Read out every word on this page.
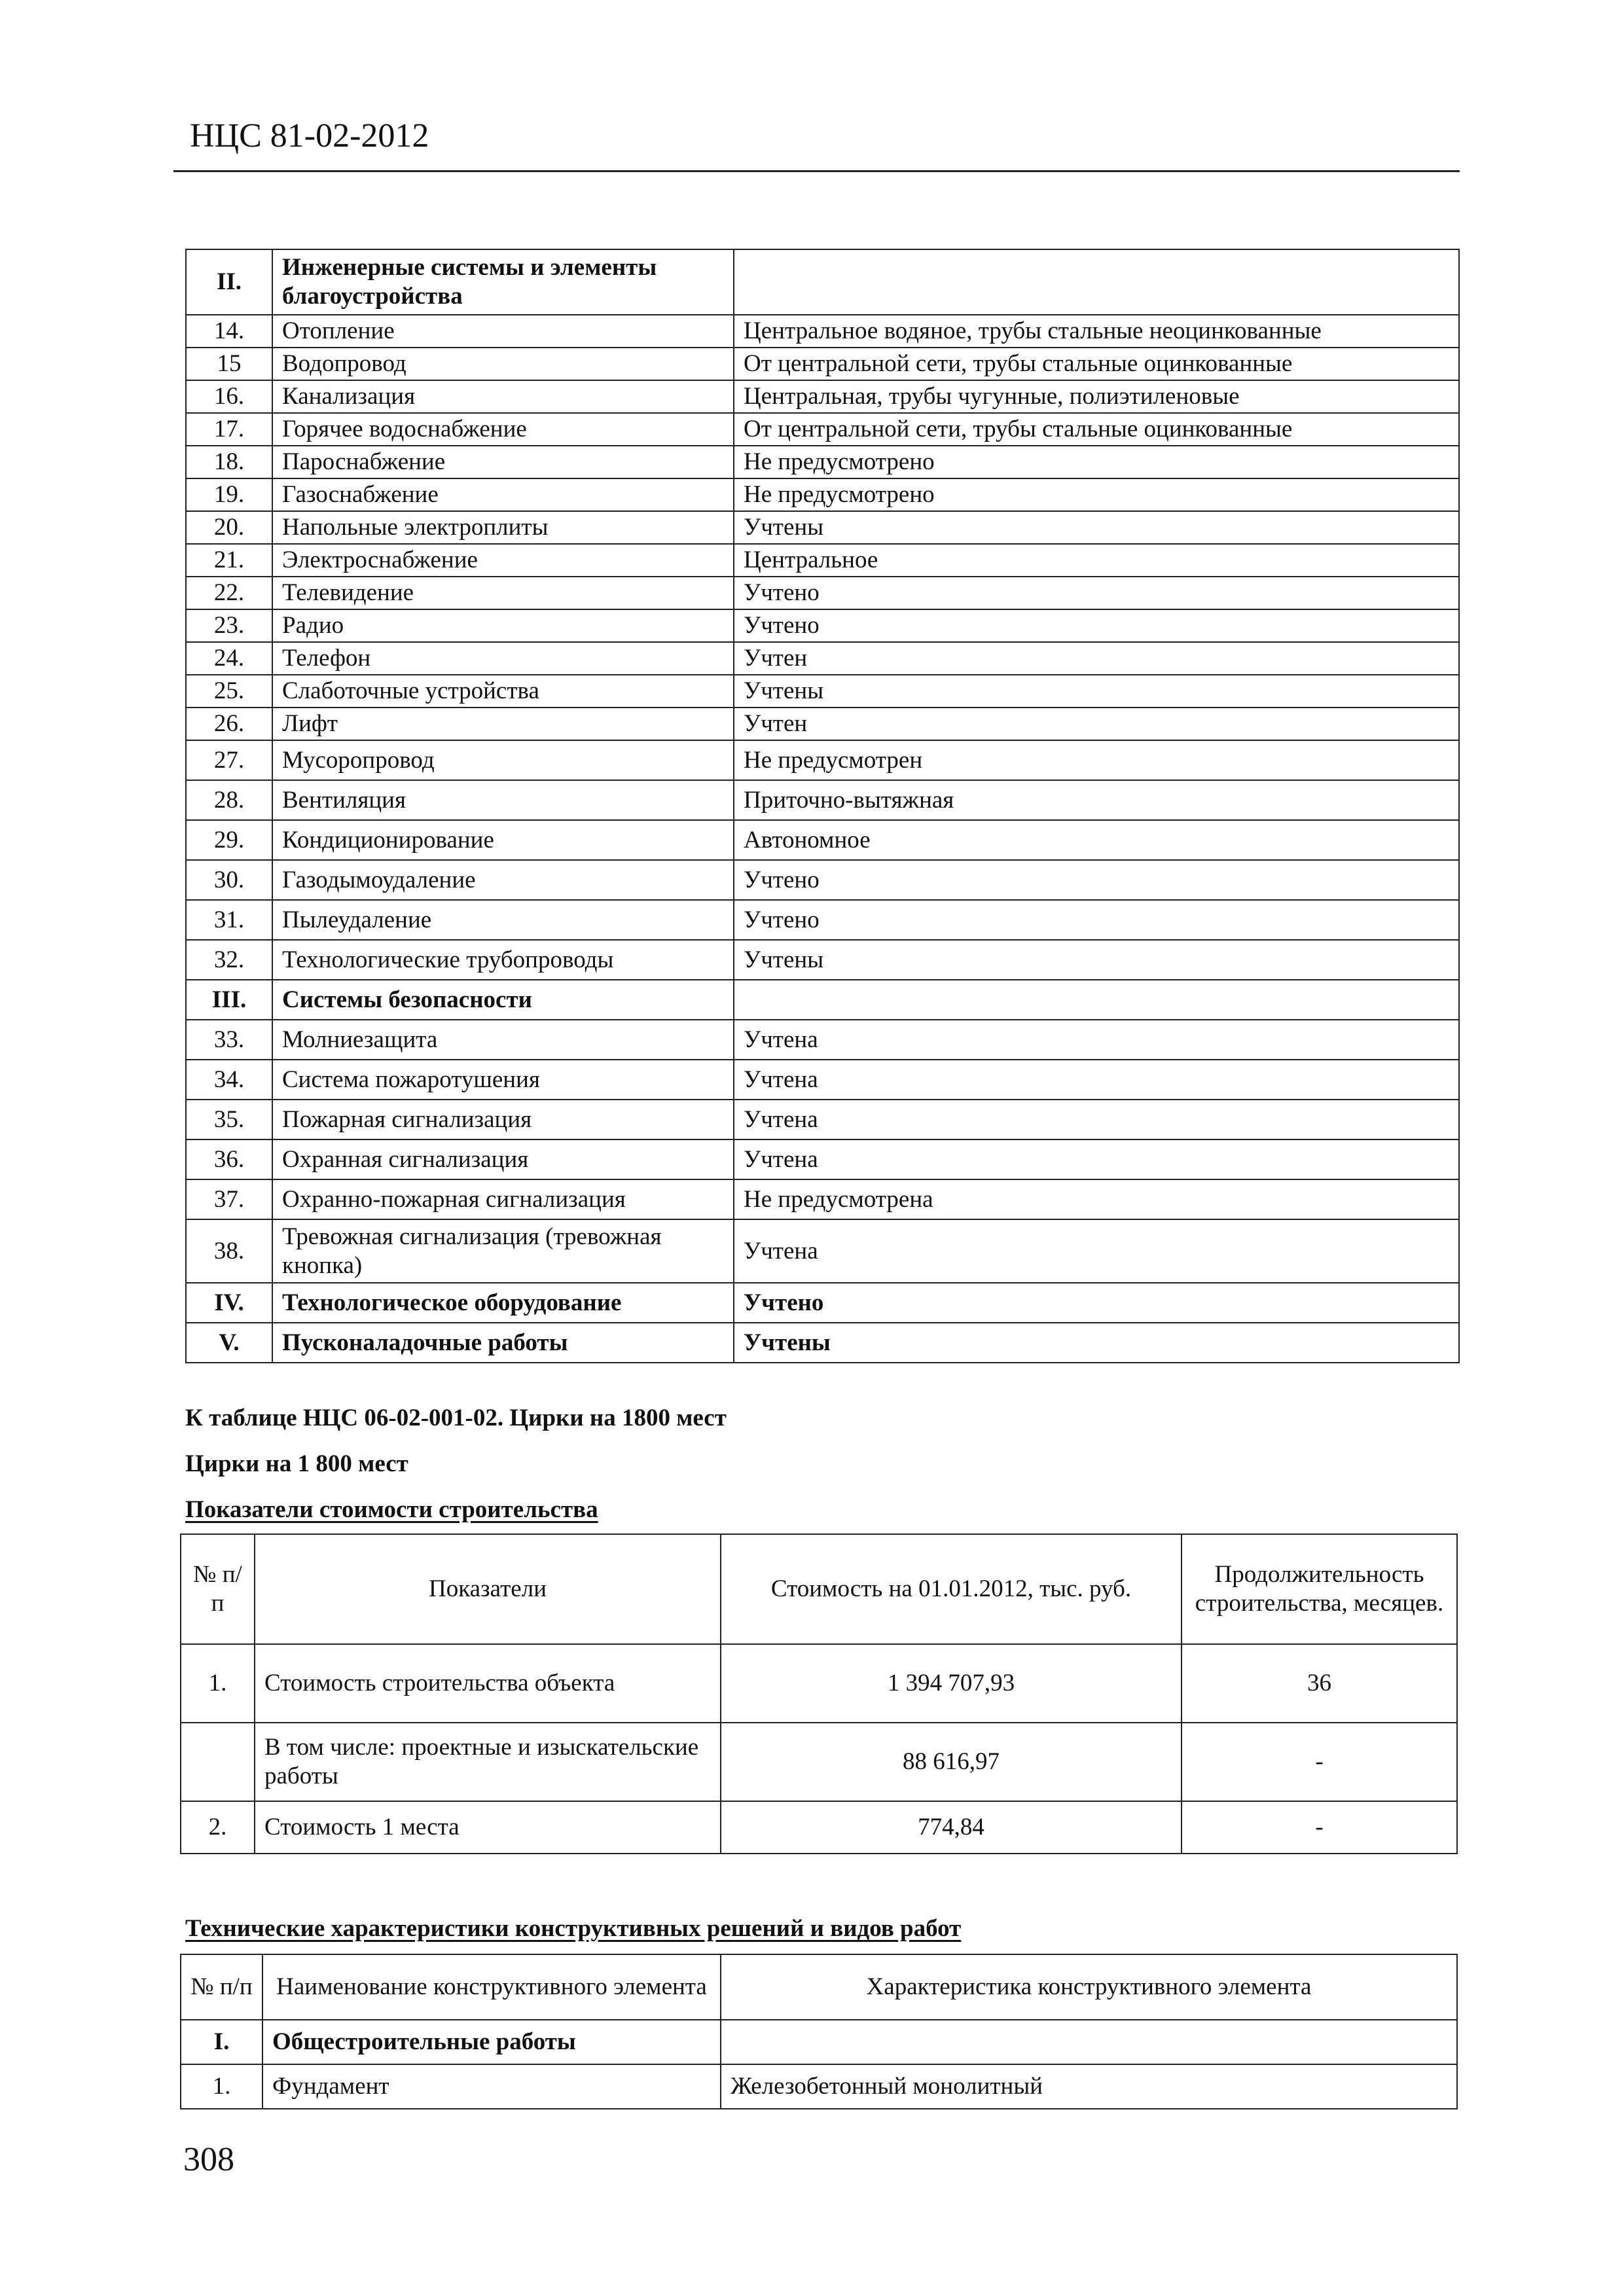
НЦС 81-02-2012
II.	Инженерные системы и элементы благоустройства	
14.	Отопление	Центральное водяное, трубы стальные неоцинкованные
15	Водопровод	От центральной сети, трубы стальные оцинкованные
16.	Канализация	Центральная, трубы чугунные, полиэтиленовые
17.	Горячее водоснабжение	От центральной сети, трубы стальные оцинкованные
18.	Пароснабжение	Не предусмотрено
19.	Газоснабжение	Не предусмотрено
20.	Напольные электроплиты	Учтены
21.	Электроснабжение	Центральное
22.	Телевидение	Учтено
23.	Радио	Учтено
24.	Телефон	Учтен
25.	Слаботочные устройства	Учтены
26.	Лифт	Учтен
27.	Мусоропровод	Не предусмотрен
28.	Вентиляция	Приточно-вытяжная
29.	Кондиционирование	Автономное
30.	Газодымоудаление	Учтено
31.	Пылеудаление	Учтено
32.	Технологические трубопроводы	Учтены
III.	Системы безопасности	
33.	Молниезащита	Учтена
34.	Система пожаротушения	Учтена
35.	Пожарная сигнализация	Учтена
36.	Охранная сигнализация	Учтена
37.	Охранно-пожарная сигнализация	Не предусмотрена
38.	Тревожная сигнализация (тревожная кнопка)	Учтена
IV.	Технологическое оборудование	Учтено
V.	Пусконаладочные работы	Учтены
К таблице НЦС 06-02-001-02. Цирки на 1800 мест
Цирки на 1 800 мест
Показатели стоимости строительства
№ п/п	Показатели	Стоимость на 01.01.2012, тыс. руб.	Продолжительность строительства, месяцев.
1.	Стоимость строительства объекта	1 394 707,93	36
	В том числе: проектные и изыскательские работы	88 616,97	-
2.	Стоимость 1 места	774,84	-
Технические характеристики конструктивных решений и видов работ
№ п/п	Наименование конструктивного элемента	Характеристика конструктивного элемента
I.	Общестроительные работы	
1.	Фундамент	Железобетонный монолитный
308
